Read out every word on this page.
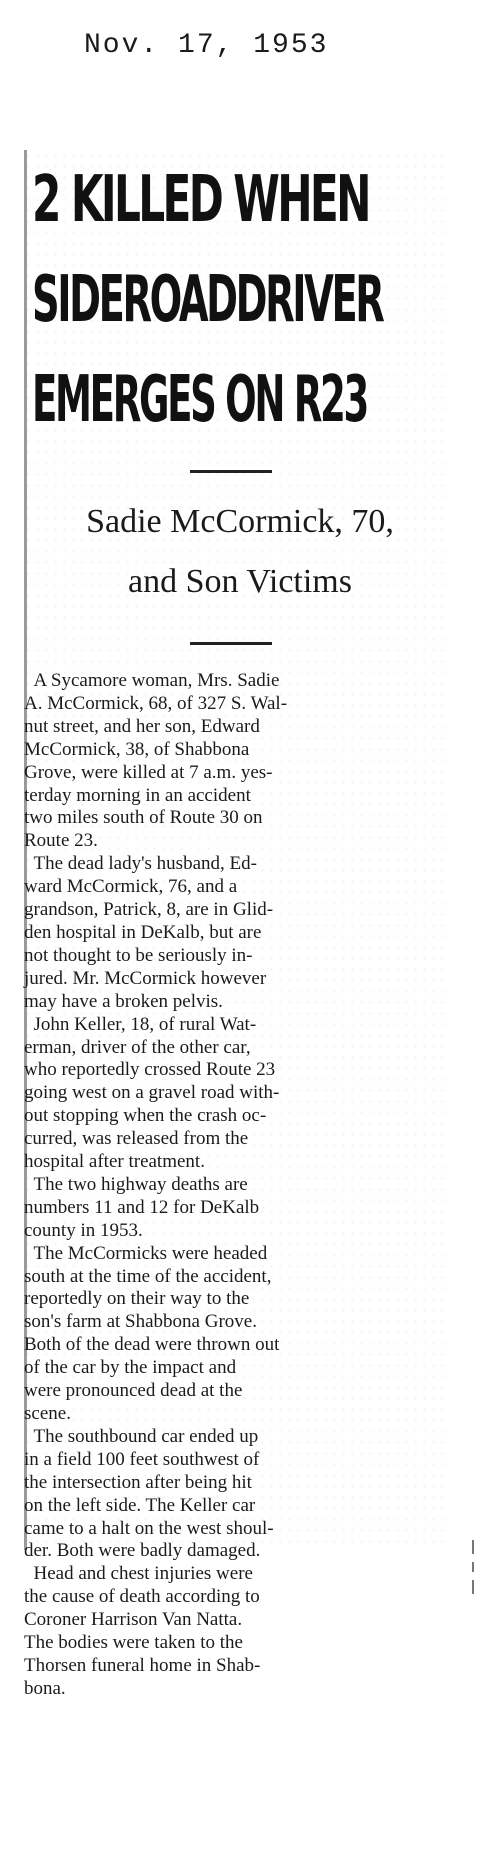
Nov. 17, 1953
2 KILLED WHEN
SIDEROADDRIVER
EMERGES ON R23
Sadie McCormick, 70,
and Son Victims

A Sycamore woman, Mrs. Sadie
A. McCormick, 68, of 327 S. Wal-
nut street, and her son, Edward
McCormick, 38, of Shabbona
Grove, were killed at 7 a.m. yes-
terday morning in an accident
two miles south of Route 30 on
Route 23.

The dead lady's husband, Ed-
ward McCormick, 76, and a
grandson, Patrick, 8, are in Glid-
den hospital in DeKalb, but are
not thought to be seriously in-
jured. Mr. McCormick however
may have a broken pelvis.

John Keller, 18, of rural Wat-
erman, driver of the other car,
who reportedly crossed Route 23
going west on a gravel road with-
out stopping when the crash oc-
curred, was released from the
hospital after treatment.

The two highway deaths are
numbers 11 and 12 for DeKalb
county in 1953.

The McCormicks were headed
south at the time of the accident,
reportedly on their way to the
son's farm at Shabbona Grove.
Both of the dead were thrown out
of the car by the impact and
were pronounced dead at the
scene.

The southbound car ended up
in a field 100 feet southwest of
the intersection after being hit
on the left side. The Keller car
came to a halt on the west shoul-
der. Both were badly damaged.

Head and chest injuries were
the cause of death according to
Coroner Harrison Van Natta.
The bodies were taken to the
Thorsen funeral home in Shab-
bona.
